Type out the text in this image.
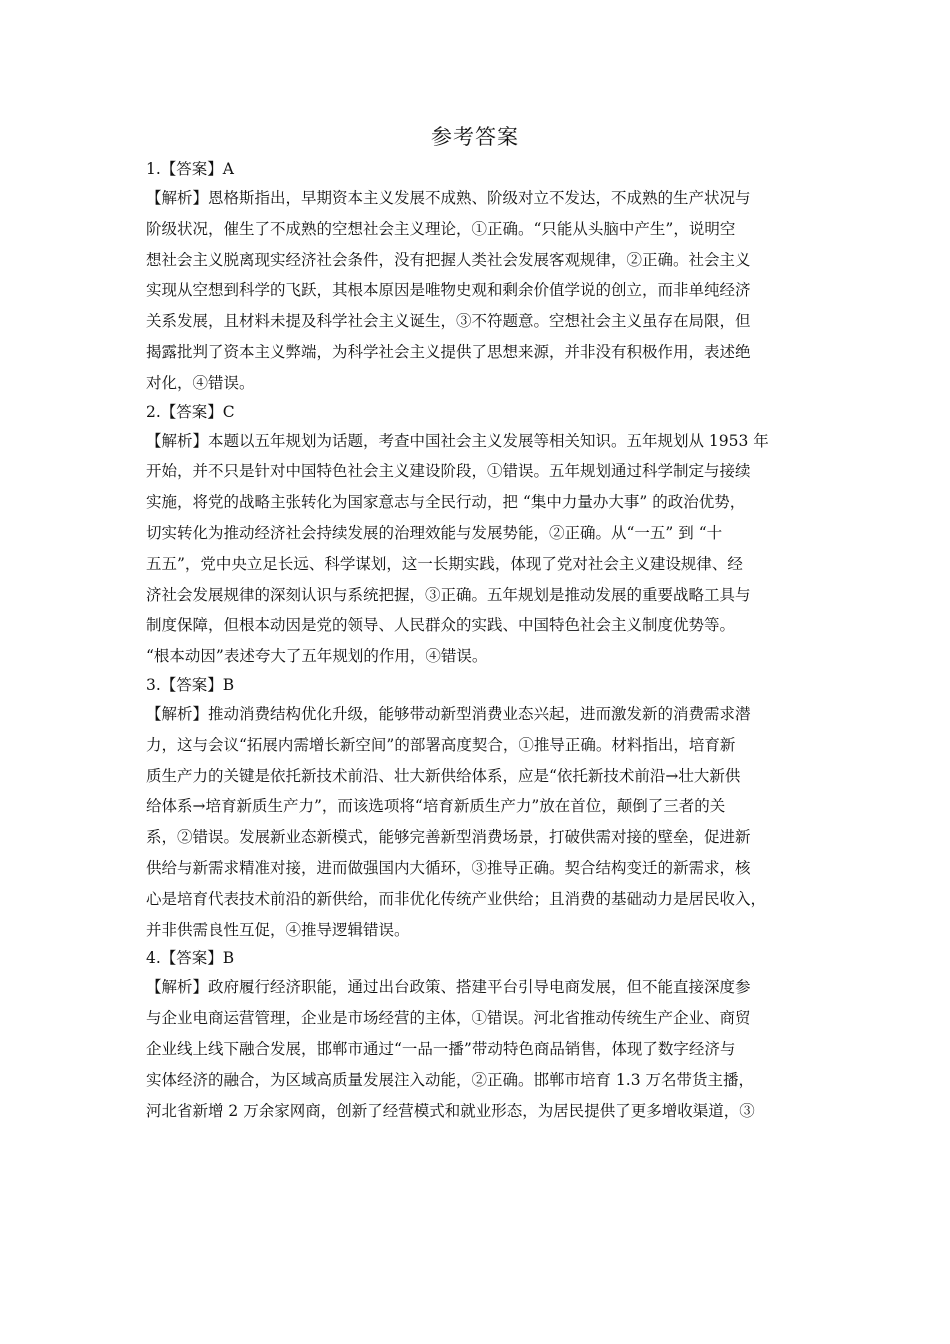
参考答案
1.【答案】A
【解析】恩格斯指出，早期资本主义发展不成熟、阶级对立不发达，不成熟的生产状况与
阶级状况，催生了不成熟的空想社会主义理论，①正确。“只能从头脑中产生”，说明空
想社会主义脱离现实经济社会条件，没有把握人类社会发展客观规律，②正确。社会主义
实现从空想到科学的飞跃，其根本原因是唯物史观和剩余价值学说的创立，而非单纯经济
关系发展，且材料未提及科学社会主义诞生，③不符题意。空想社会主义虽存在局限，但
揭露批判了资本主义弊端，为科学社会主义提供了思想来源，并非没有积极作用，表述绝
对化，④错误。
2.【答案】C
【解析】本题以五年规划为话题，考查中国社会主义发展等相关知识。五年规划从 1953 年
开始，并不只是针对中国特色社会主义建设阶段，①错误。五年规划通过科学制定与接续
实施，将党的战略主张转化为国家意志与全民行动，把 “集中力量办大事” 的政治优势，
切实转化为推动经济社会持续发展的治理效能与发展势能，②正确。从“一五” 到 “十
五五”，党中央立足长远、科学谋划，这一长期实践，体现了党对社会主义建设规律、经
济社会发展规律的深刻认识与系统把握，③正确。五年规划是推动发展的重要战略工具与
制度保障，但根本动因是党的领导、人民群众的实践、中国特色社会主义制度优势等。
“根本动因”表述夸大了五年规划的作用，④错误。
3.【答案】B
【解析】推动消费结构优化升级，能够带动新型消费业态兴起，进而激发新的消费需求潜
力，这与会议“拓展内需增长新空间”的部署高度契合，①推导正确。材料指出，培育新
质生产力的关键是依托新技术前沿、壮大新供给体系，应是“依托新技术前沿→壮大新供
给体系→培育新质生产力”，而该选项将“培育新质生产力”放在首位，颠倒了三者的关
系，②错误。发展新业态新模式，能够完善新型消费场景，打破供需对接的壁垒，促进新
供给与新需求精准对接，进而做强国内大循环，③推导正确。契合结构变迁的新需求，核
心是培育代表技术前沿的新供给，而非优化传统产业供给；且消费的基础动力是居民收入，
并非供需良性互促，④推导逻辑错误。
4.【答案】B
【解析】政府履行经济职能，通过出台政策、搭建平台引导电商发展，但不能直接深度参
与企业电商运营管理，企业是市场经营的主体，①错误。河北省推动传统生产企业、商贸
企业线上线下融合发展，邯郸市通过“一品一播”带动特色商品销售，体现了数字经济与
实体经济的融合，为区域高质量发展注入动能，②正确。邯郸市培育 1.3 万名带货主播，
河北省新增 2 万余家网商，创新了经营模式和就业形态，为居民提供了更多增收渠道，③
